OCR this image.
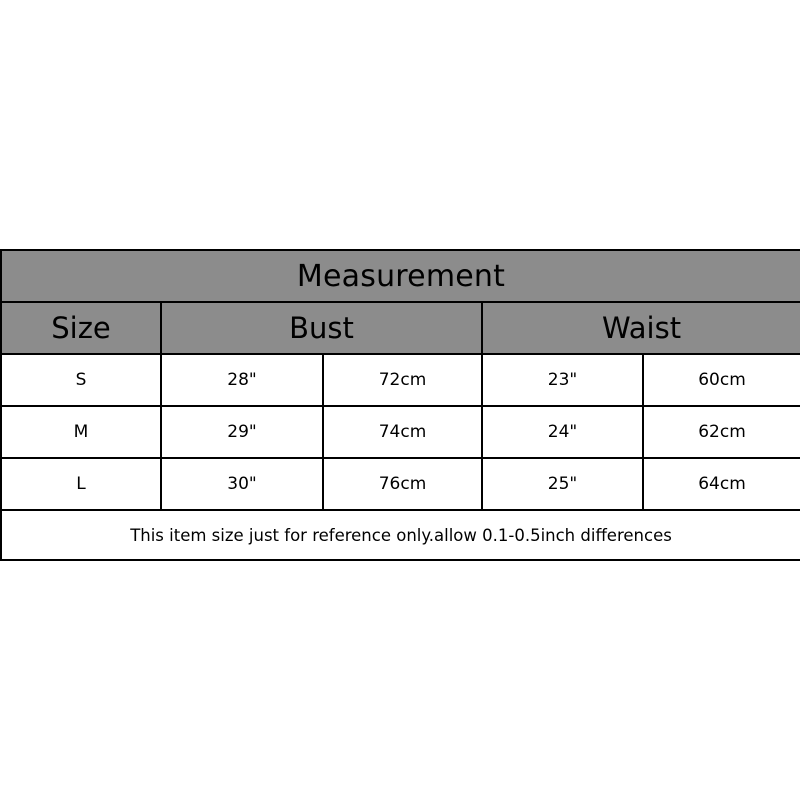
Measurement				
Size	Bust		Waist	
S	28"	72cm	23"	60cm
M	29"	74cm	24"	62cm
L	30"	76cm	25"	64cm
This item size just for reference only.allow 0.1-0.5inch differences				
